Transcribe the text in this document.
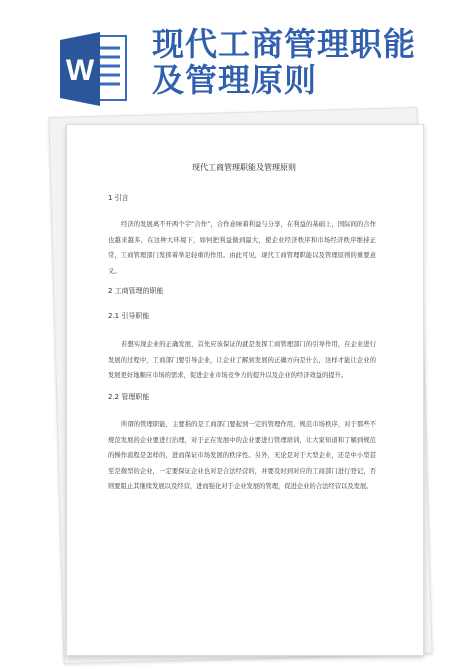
W
现代工商管理职能
及管理原则
现代工商管理职能及管理原则
1 引言
经济的发展离不开两个字“合作”，合作意味着利益与分享，在利益的基础上，国际间的合作也越来越多，在这种大环境下，如何把利益做到最大，使企业经济秩序和市场经济秩序维持正常，工商管理部门发挥着举足轻重的作用。由此可见，现代工商管理职能以及管理原则的重要意义。
2 工商管理的职能
2.1 引导职能
若想实现企业的正确发展，首先应该保证的就是发挥工商管理部门的引导作用，在企业进行发展的过程中，工商部门要引导企业，让企业了解到发展的正确方向是什么，这样才能让企业的发展更好地顺应市场的需求，促进企业市场竞争力的提升以及企业的经济效益的提升。
2.2 管理职能
所谓的管理职能，主要指的是工商部门要起到一定的管理作用，规范市场秩序，对于那些不规范发展的企业要进行治理，对于正在发展中的企业要进行管理培训，让大家知道和了解到规范的操作流程是怎样的，进而保证市场发展的秩序性。另外，无论是对于大型企业，还是中小型甚至是微型的企业，一定要保证企业也对是合法经营的，并要及时到对应的工商部门进行登记，否则要阻止其继续发展以及经营，进而强化对于企业发展的管理，促进企业的合法经营以及发展。
